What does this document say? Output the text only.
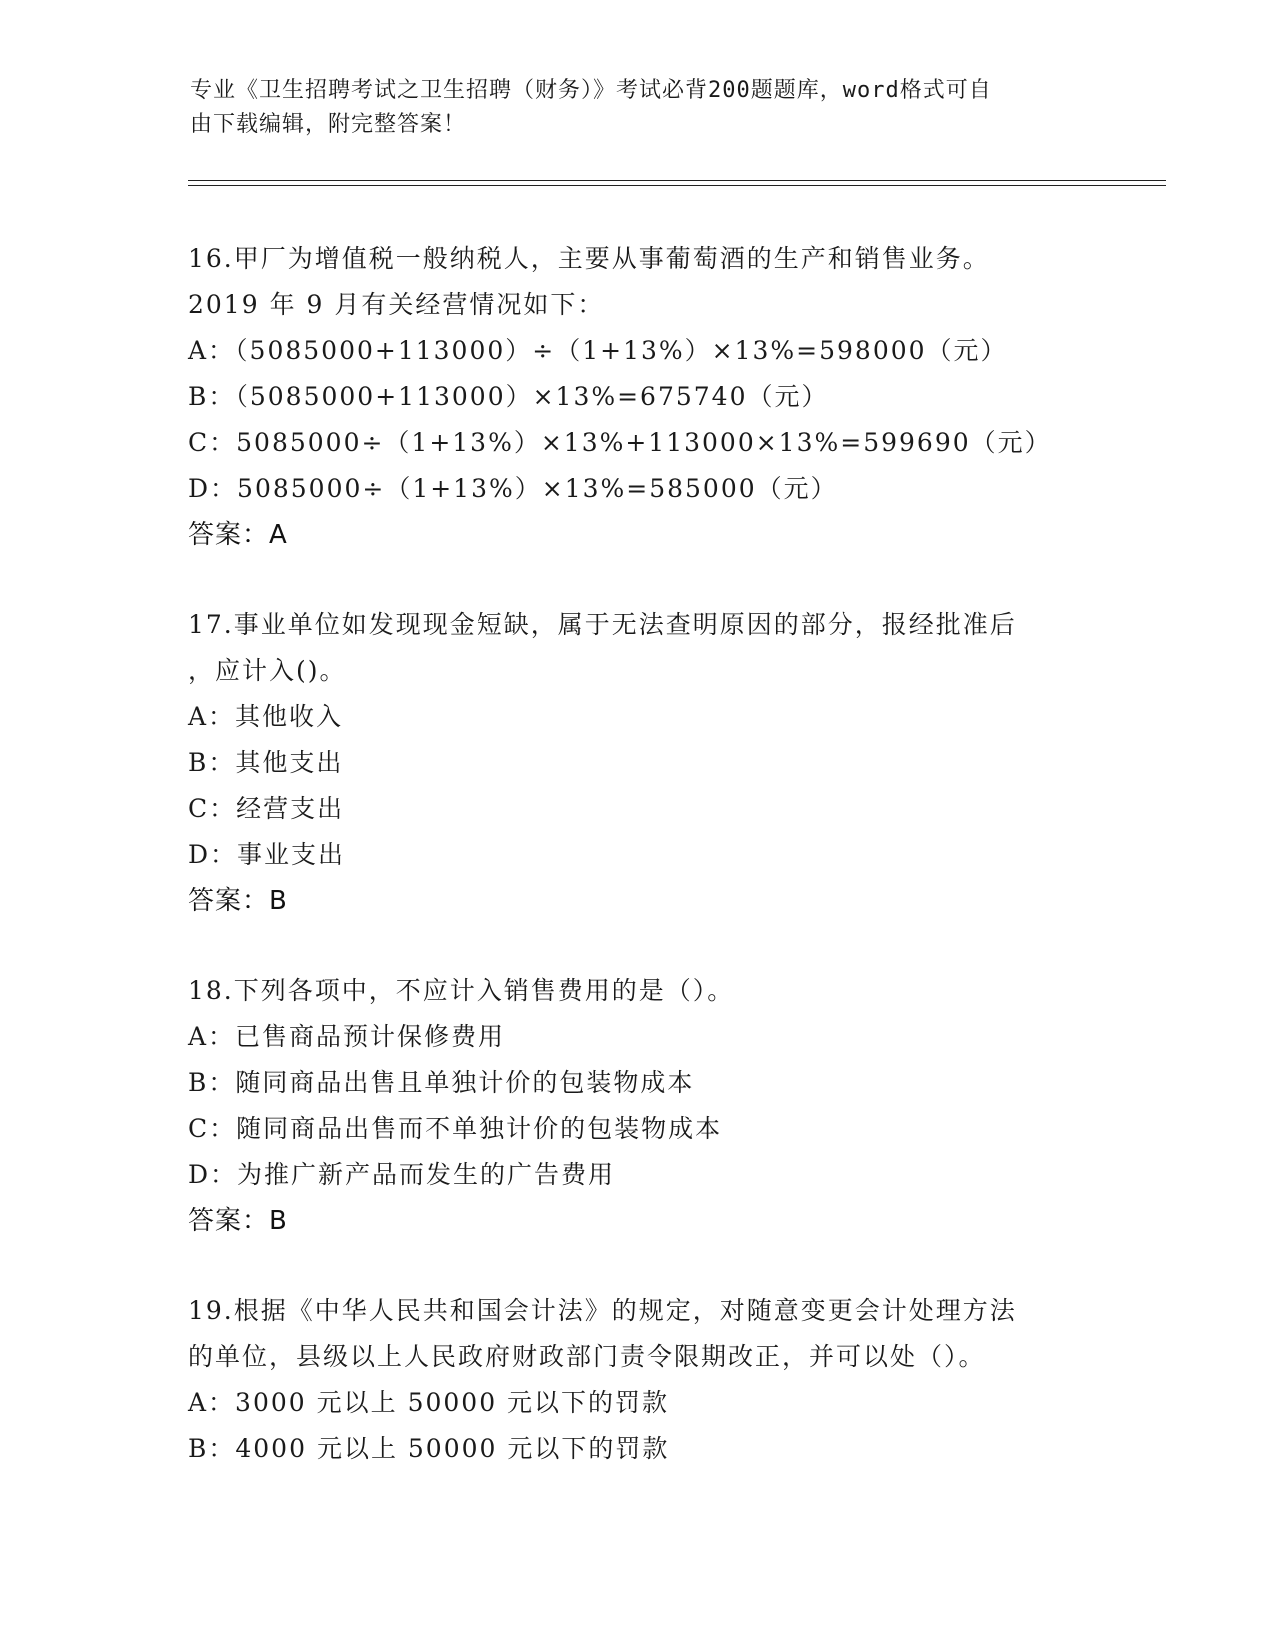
专业《卫生招聘考试之卫生招聘（财务）》考试必背200题题库，word格式可自
由下载编辑，附完整答案！
16.甲厂为增值税一般纳税人，主要从事葡萄酒的生产和销售业务。
2019 年 9 月有关经营情况如下：
A：（5085000+113000）÷（1+13%）×13%=598000（元）
B：（5085000+113000）×13%=675740（元）
C：5085000÷（1+13%）×13%+113000×13%=599690（元）
D：5085000÷（1+13%）×13%=585000（元）
答案：A
17.事业单位如发现现金短缺，属于无法查明原因的部分，报经批准后
，应计入()。
A：其他收入
B：其他支出
C：经营支出
D：事业支出
答案：B
18.下列各项中，不应计入销售费用的是（）。
A：已售商品预计保修费用
B：随同商品出售且单独计价的包装物成本
C：随同商品出售而不单独计价的包装物成本
D：为推广新产品而发生的广告费用
答案：B
19.根据《中华人民共和国会计法》的规定，对随意变更会计处理方法
的单位，县级以上人民政府财政部门责令限期改正，并可以处（）。
A：3000 元以上 50000 元以下的罚款
B：4000 元以上 50000 元以下的罚款
